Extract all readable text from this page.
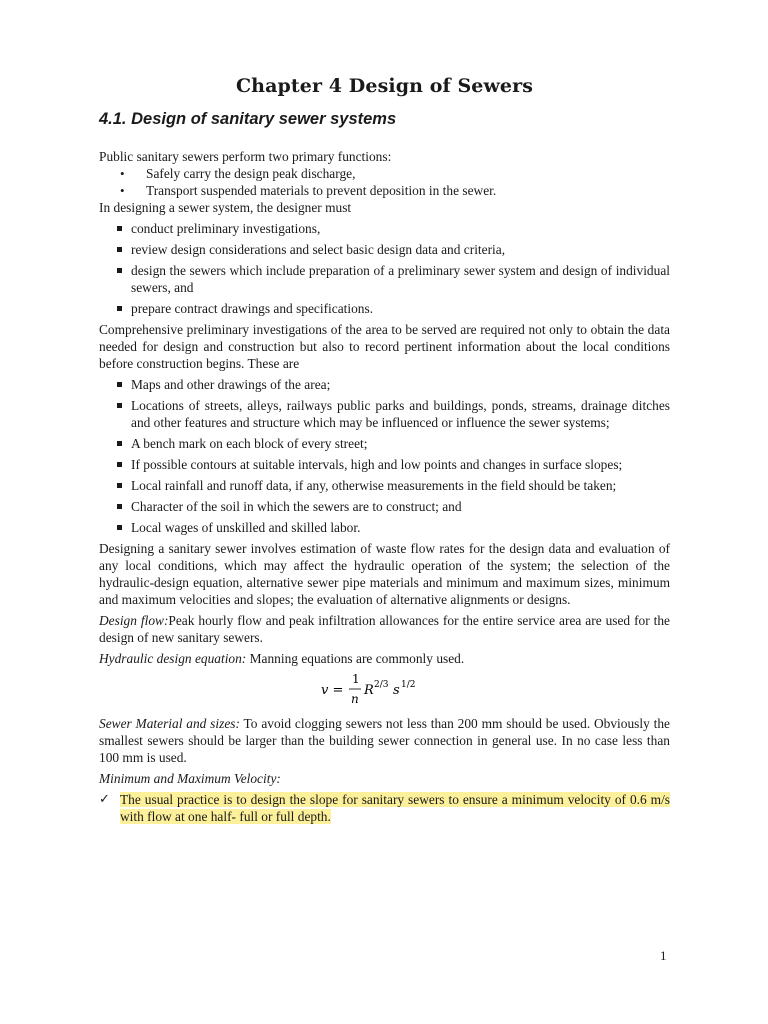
Chapter 4 Design of Sewers
4.1. Design of sanitary sewer systems

Public sanitary sewers perform two primary functions:

• Safely carry the design peak discharge,
• Transport suspended materials to prevent deposition in the sewer.

In designing a sewer system, the designer must

conduct preliminary investigations,
review design considerations and select basic design data and criteria,
design the sewers which include preparation of a preliminary sewer system and design of individual sewers, and
prepare contract drawings and specifications.

Comprehensive preliminary investigations of the area to be served are required not only to obtain the data needed for design and construction but also to record pertinent information about the local conditions before construction begins. These are

Maps and other drawings of the area;
Locations of streets, alleys, railways public parks and buildings, ponds, streams, drainage ditches and other features and structure which may be influenced or influence the sewer systems;
A bench mark on each block of every street;
If possible contours at suitable intervals, high and low points and changes in surface slopes;
Local rainfall and runoff data, if any, otherwise measurements in the field should be taken;
Character of the soil in which the sewers are to construct; and
Local wages of unskilled and skilled labor.

Designing a sanitary sewer involves estimation of waste flow rates for the design data and evaluation of any local conditions, which may affect the hydraulic operation of the system; the selection of the hydraulic-design equation, alternative sewer pipe materials and minimum and maximum sizes, minimum and maximum velocities and slopes; the evaluation of alternative alignments or designs.

Design flow:Peak hourly flow and peak infiltration allowances for the entire service area are used for the design of new sanitary sewers.

Hydraulic design equation: Manning equations are commonly used.

v =
1
n
R 2/3 s 1/2

Sewer Material and sizes: To avoid clogging sewers not less than 200 mm should be used. Obviously the smallest sewers should be larger than the building sewer connection in general use. In no case less than 100 mm is used.

Minimum and Maximum Velocity:

✓ The usual practice is to design the slope for sanitary sewers to ensure a minimum velocity of 0.6 m/s with flow at one half- full or full depth.
1
